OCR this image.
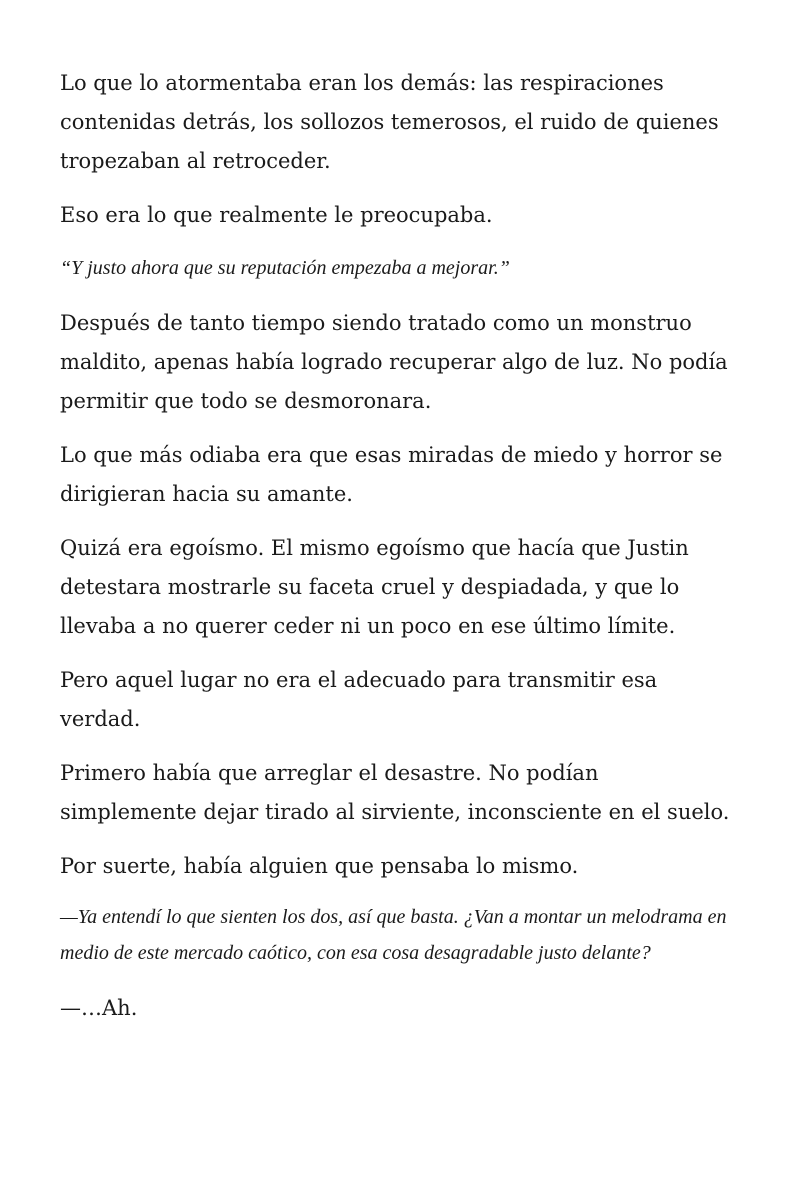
Lo que lo atormentaba eran los demás: las respiraciones contenidas detrás, los sollozos temerosos, el ruido de quienes tropezaban al retroceder.

Eso era lo que realmente le preocupaba.

“Y justo ahora que su reputación empezaba a mejorar.”

Después de tanto tiempo siendo tratado como un monstruo maldito, apenas había logrado recuperar algo de luz. No podía permitir que todo se desmoronara.

Lo que más odiaba era que esas miradas de miedo y horror se dirigieran hacia su amante.

Quizá era egoísmo. El mismo egoísmo que hacía que Justin detestara mostrarle su faceta cruel y despiadada, y que lo llevaba a no querer ceder ni un poco en ese último límite.

Pero aquel lugar no era el adecuado para transmitir esa verdad.

Primero había que arreglar el desastre. No podían simplemente dejar tirado al sirviente, inconsciente en el suelo.

Por suerte, había alguien que pensaba lo mismo.

—Ya entendí lo que sienten los dos, así que basta. ¿Van a montar un melodrama en medio de este mercado caótico, con esa cosa desagradable justo delante?

—…Ah.
